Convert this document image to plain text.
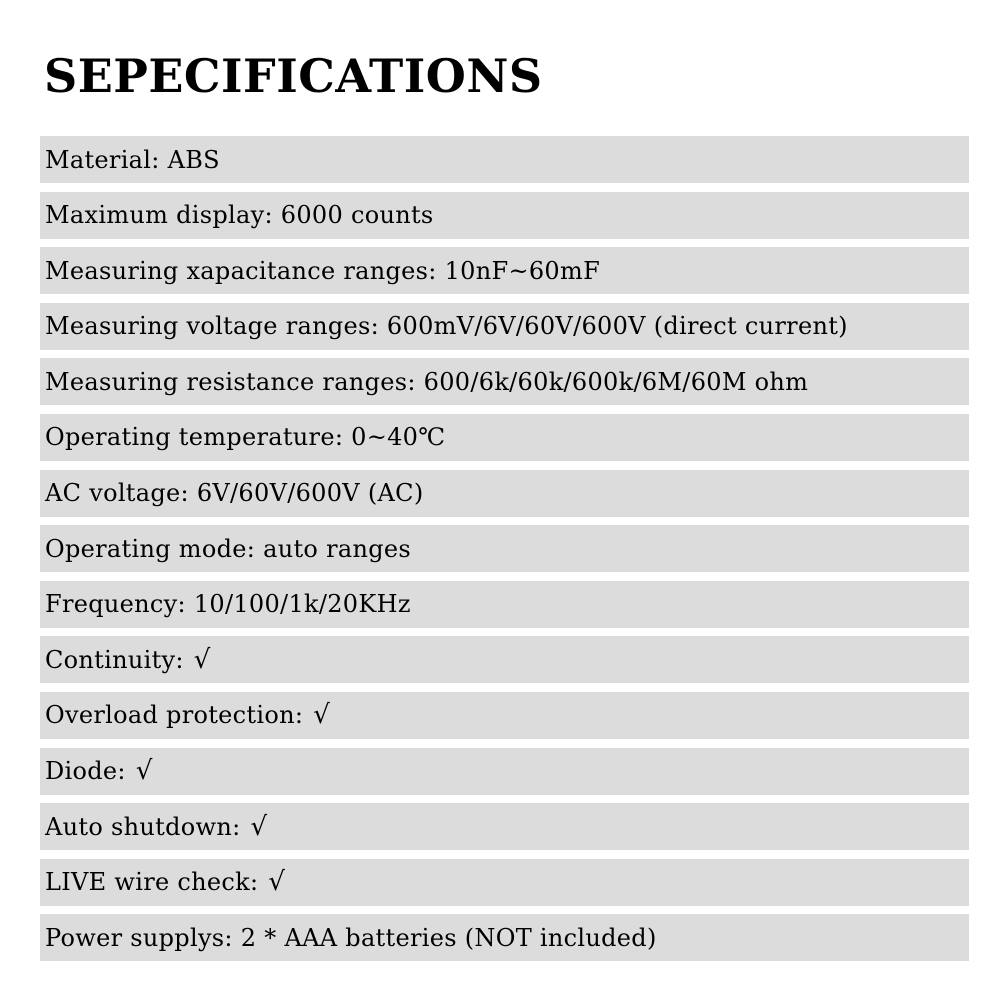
SEPECIFICATIONS
Material: ABS
Maximum display: 6000 counts
Measuring xapacitance ranges: 10nF~60mF
Measuring voltage ranges: 600mV/6V/60V/600V (direct current)
Measuring resistance ranges: 600/6k/60k/600k/6M/60M ohm
Operating temperature: 0~40℃
AC voltage: 6V/60V/600V (AC)
Operating mode: auto ranges
Frequency: 10/100/1k/20KHz
Continuity: √
Overload protection: √
Diode: √
Auto shutdown: √
LIVE wire check: √
Power supplys: 2 * AAA batteries (NOT included)
